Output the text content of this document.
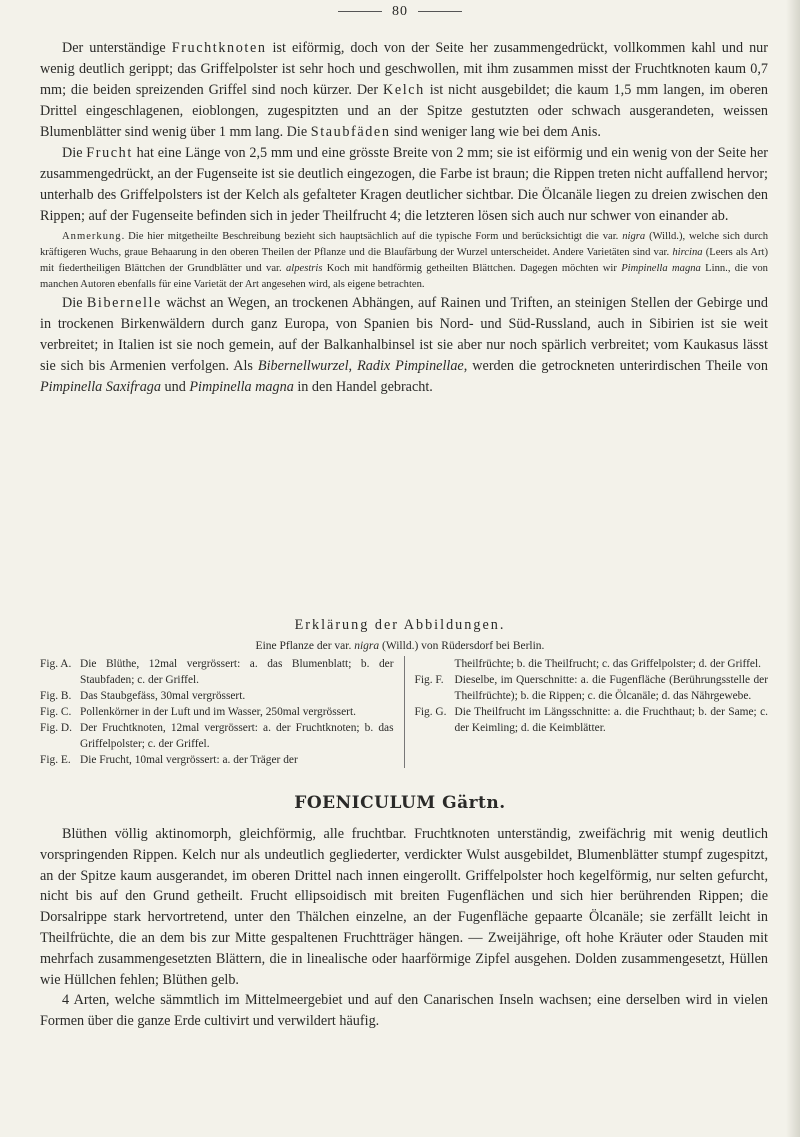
80

Der unterständige Fruchtknoten ist eiförmig, doch von der Seite her zusammengedrückt, vollkommen kahl und nur wenig deutlich gerippt; das Griffelpolster ist sehr hoch und geschwollen, mit ihm zusammen misst der Fruchtknoten kaum 0,7 mm; die beiden spreizenden Griffel sind noch kürzer. Der Kelch ist nicht ausgebildet; die kaum 1,5 mm langen, im oberen Drittel eingeschlagenen, eioblongen, zugespitzten und an der Spitze gestutzten oder schwach ausgerandeten, weissen Blumenblätter sind wenig über 1 mm lang. Die Staubfäden sind weniger lang wie bei dem Anis.

Die Frucht hat eine Länge von 2,5 mm und eine grösste Breite von 2 mm; sie ist eiförmig und ein wenig von der Seite her zusammengedrückt, an der Fugenseite ist sie deutlich eingezogen, die Farbe ist braun; die Rippen treten nicht auffallend hervor; unterhalb des Griffelpolsters ist der Kelch als gefalteter Kragen deutlicher sichtbar. Die Ölcanäle liegen zu dreien zwischen den Rippen; auf der Fugenseite befinden sich in jeder Theilfrucht 4; die letzteren lösen sich auch nur schwer von einander ab.

Anmerkung. Die hier mitgetheilte Beschreibung bezieht sich hauptsächlich auf die typische Form und berücksichtigt die var. nigra (Willd.), welche sich durch kräftigeren Wuchs, graue Behaarung in den oberen Theilen der Pflanze und die Blaufärbung der Wurzel unterscheidet. Andere Varietäten sind var. hircina (Leers als Art) mit fiedertheiligen Blättchen der Grundblätter und var. alpestris Koch mit handförmig getheilten Blättchen. Dagegen möchten wir Pimpinella magna Linn., die von manchen Autoren ebenfalls für eine Varietät der Art angesehen wird, als eigene betrachten.

Die Bibernelle wächst an Wegen, an trockenen Abhängen, auf Rainen und Triften, an steinigen Stellen der Gebirge und in trockenen Birkenwäldern durch ganz Europa, von Spanien bis Nord- und Süd-Russland, auch in Sibirien ist sie weit verbreitet; in Italien ist sie noch gemein, auf der Balkanhalbinsel ist sie aber nur noch spärlich verbreitet; vom Kaukasus lässt sie sich bis Armenien verfolgen. Als Bibernellwurzel, Radix Pimpinellae, werden die getrockneten unterirdischen Theile von Pimpinella Saxifraga und Pimpinella magna in den Handel gebracht.

Erklärung der Abbildungen.
Eine Pflanze der var. nigra (Willd.) von Rüdersdorf bei Berlin.
Fig. A. Die Blüthe, 12mal vergrössert: a. das Blumenblatt; b. der Staubfaden; c. der Griffel.
Fig. B. Das Staubgefäss, 30mal vergrössert.
Fig. C. Pollenkörner in der Luft und im Wasser, 250mal vergrössert.
Fig. D. Der Fruchtknoten, 12mal vergrössert: a. der Fruchtknoten; b. das Griffelpolster; c. der Griffel.
Fig. E. Die Frucht, 10mal vergrössert: a. der Träger der
Theilfrüchte; b. die Theilfrucht; c. das Griffelpolster; d. der Griffel.
Fig. F. Dieselbe, im Querschnitte: a. die Fugenfläche (Berührungsstelle der Theilfrüchte); b. die Rippen; c. die Ölcanäle; d. das Nährgewebe.
Fig. G. Die Theilfrucht im Längsschnitte: a. die Fruchthaut; b. der Same; c. der Keimling; d. die Keimblätter.
FOENICULUM Gärtn.

Blüthen völlig aktinomorph, gleichförmig, alle fruchtbar. Fruchtknoten unterständig, zweifächrig mit wenig deutlich vorspringenden Rippen. Kelch nur als undeutlich gegliederter, verdickter Wulst ausgebildet, Blumenblätter stumpf zugespitzt, an der Spitze kaum ausgerandet, im oberen Drittel nach innen eingerollt. Griffelpolster hoch kegelförmig, nur selten gefurcht, nicht bis auf den Grund getheilt. Frucht ellipsoidisch mit breiten Fugenflächen und sich hier berührenden Rippen; die Dorsalrippe stark hervortretend, unter den Thälchen einzelne, an der Fugenfläche gepaarte Ölcanäle; sie zerfällt leicht in Theilfrüchte, die an dem bis zur Mitte gespaltenen Fruchtträger hängen. — Zweijährige, oft hohe Kräuter oder Stauden mit mehrfach zusammengesetzten Blättern, die in linealische oder haarförmige Zipfel ausgehen. Dolden zusammengesetzt, Hüllen wie Hüllchen fehlen; Blüthen gelb.

4 Arten, welche sämmtlich im Mittelmeergebiet und auf den Canarischen Inseln wachsen; eine derselben wird in vielen Formen über die ganze Erde cultivirt und verwildert häufig.
